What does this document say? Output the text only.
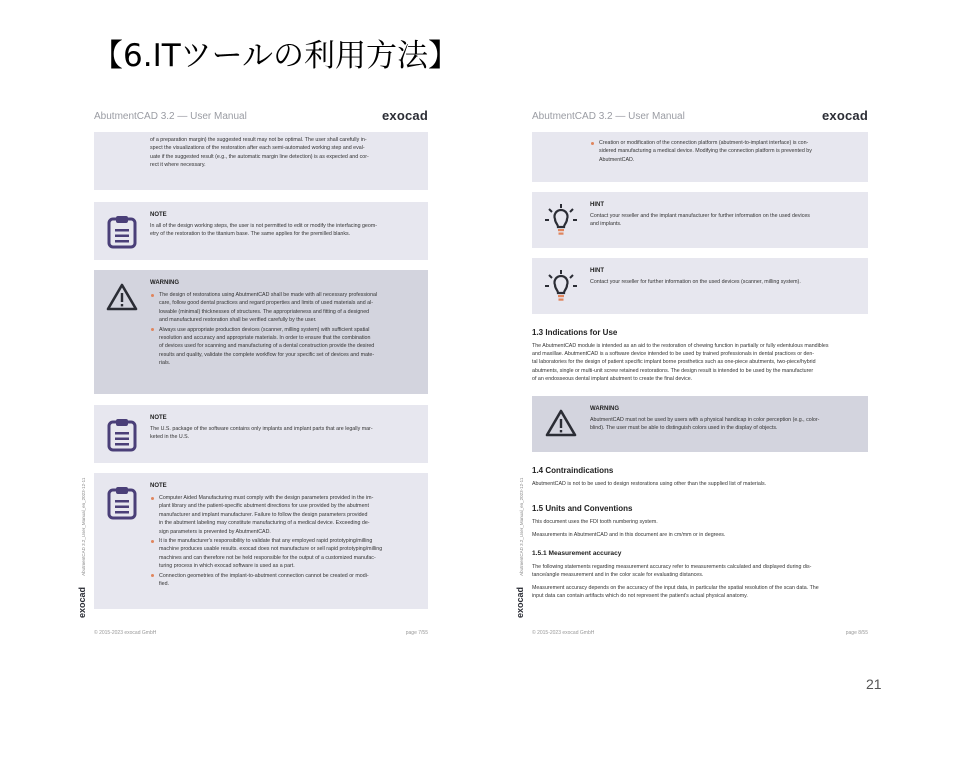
【6.ITツールの利用方法】
exocad AbutmentCAD 3.2_User_Manual_en_2023-12-11
AbutmentCAD 3.2 — User Manual	exocad
of a preparation margin) the suggested result may not be optimal. The user shall carefully in-
spect the visualizations of the restoration after each semi-automated working step and eval-
uate if the suggested result (e.g., the automatic margin line detection) is as expected and cor-
rect it where necessary.
NOTE
In all of the design working steps, the user is not permitted to edit or modify the interfacing geom-
etry of the restoration to the titanium base. The same applies for the premilled blanks.
WARNING
The design of restorations using AbutmentCAD shall be made with all necessary professional
care, follow good dental practices and regard properties and limits of used materials and al-
lowable (minimal) thicknesses of structures. The appropriateness and fitting of a designed
and manufactured restoration shall be verified carefully by the user.
Always use appropriate production devices (scanner, milling system) with sufficient spatial
resolution and accuracy and appropriate materials. In order to ensure that the combination
of devices used for scanning and manufacturing of a dental construction provide the desired
results and quality, validate the complete workflow for your specific set of devices and mate-
rials.
NOTE
The U.S. package of the software contains only implants and implant parts that are legally mar-
keted in the U.S.
NOTE
Computer Aided Manufacturing must comply with the design parameters provided in the im-
plant library and the patient-specific abutment directions for use provided by the abutment
manufacturer and implant manufacturer. Failure to follow the design parameters provided
in the abutment labeling may constitute manufacturing of a medical device. Exceeding de-
sign parameters is prevented by AbutmentCAD.
It is the manufacturer's responsibility to validate that any employed rapid prototyping/milling
machine produces usable results. exocad does not manufacture or sell rapid prototyping/milling
machines and can therefore not be held responsible for the output of a customized manufac-
turing process in which exocad software is used as a part.
Connection geometries of the implant-to-abutment connection cannot be created or modi-
fied.
© 2015-2023 exocad GmbH	page 7/55
exocad AbutmentCAD 3.2_User_Manual_en_2023-12-11
AbutmentCAD 3.2 — User Manual	exocad
Creation or modification of the connection platform (abutment-to-implant interface) is con-
sidered manufacturing a medical device. Modifying the connection platform is prevented by
AbutmentCAD.
HINT
Contact your reseller and the implant manufacturer for further information on the used devices
and implants.
HINT
Contact your reseller for further information on the used devices (scanner, milling system).
1.3 Indications for Use
The AbutmentCAD module is intended as an aid to the restoration of chewing function in partially or fully edentulous mandibles
and maxillae. AbutmentCAD is a software device intended to be used by trained professionals in dental practices or den-
tal laboratories for the design of patient specific implant borne prosthetics such as one-piece abutments, two-piece/hybrid
abutments, single or multi-unit screw retained restorations. The design result is intended to be used by the manufacturer
of an endosseous dental implant abutment to create the final device.
WARNING
AbutmentCAD must not be used by users with a physical handicap in color perception (e.g., color-
blind). The user must be able to distinguish colors used in the display of objects.
1.4 Contraindications
AbutmentCAD is not to be used to design restorations using other than the supplied list of materials.
1.5 Units and Conventions
This document uses the FDI tooth numbering system.
Measurements in AbutmentCAD and in this document are in cm/mm or in degrees.
1.5.1 Measurement accuracy
The following statements regarding measurement accuracy refer to measurements calculated and displayed during dis-
tance/angle measurement and in the color scale for evaluating distances.
Measurement accuracy depends on the accuracy of the input data, in particular the spatial resolution of the scan data. The
input data can contain artifacts which do not represent the patient's actual physical anatomy.
© 2015-2023 exocad GmbH	page 8/55
21
